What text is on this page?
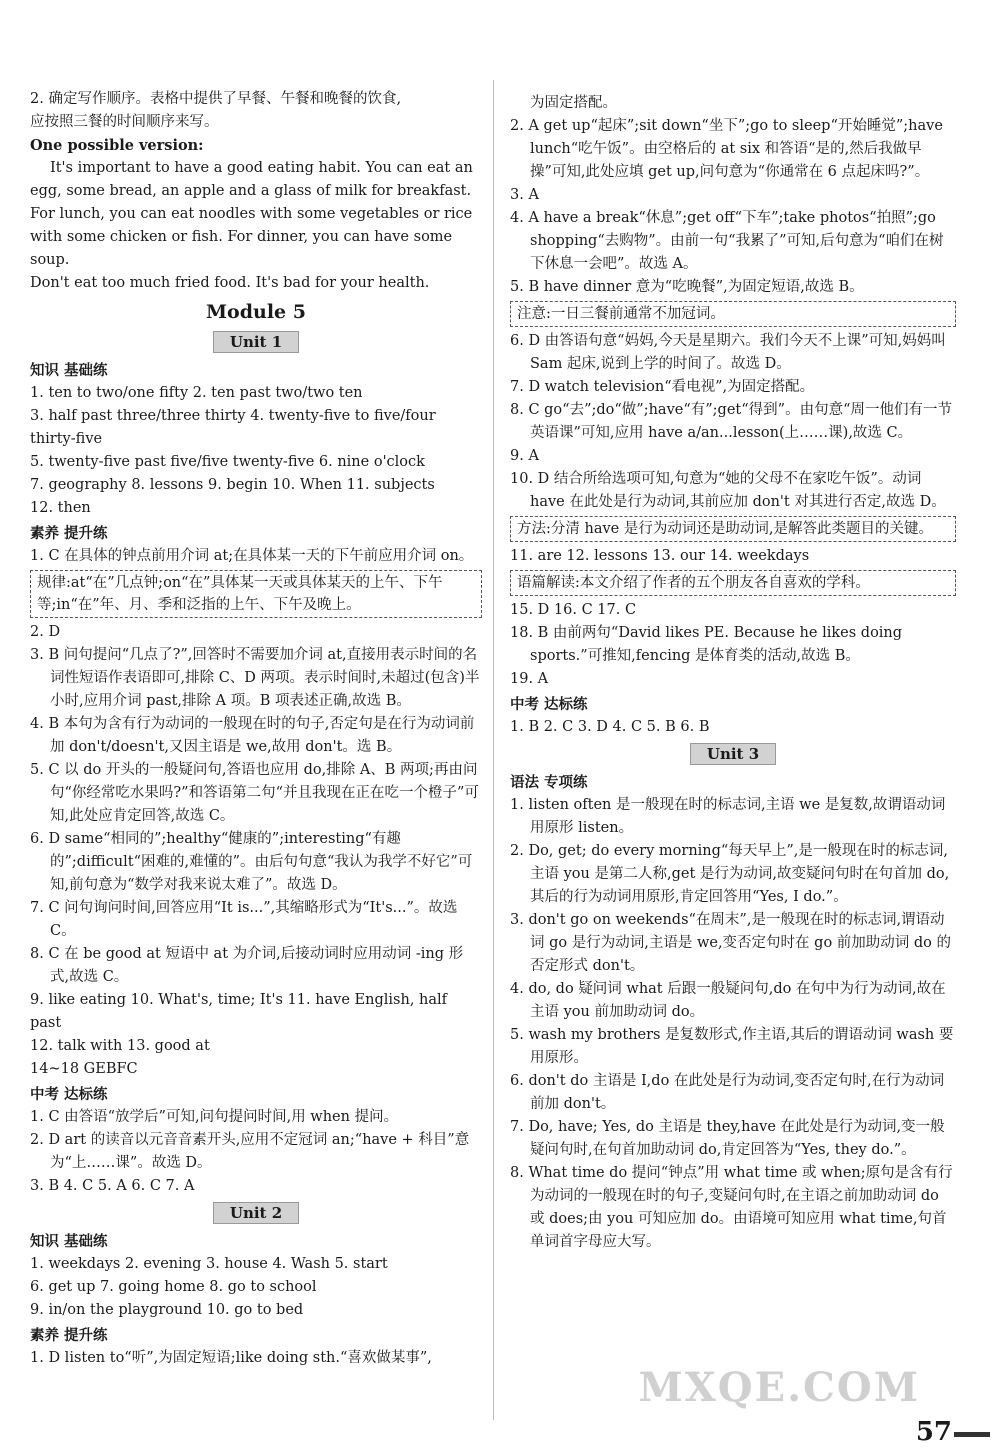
2. 确定写作顺序。表格中提供了早餐、午餐和晚餐的饮食,

应按照三餐的时间顺序来写。

One possible version:

It's important to have a good eating habit. You can eat an

egg, some bread, an apple and a glass of milk for breakfast.

For lunch, you can eat noodles with some vegetables or rice

with some chicken or fish. For dinner, you can have some soup.

Don't eat too much fried food. It's bad for your health.

Module 5
Unit 1
知识 基础练

1. ten to two/one fifty 2. ten past two/two ten

3. half past three/three thirty 4. twenty-five to five/four thirty-five

5. twenty-five past five/five twenty-five 6. nine o'clock

7. geography 8. lessons 9. begin 10. When 11. subjects

12. then

素养 提升练

1. C 在具体的钟点前用介词 at;在具体某一天的下午前应用介词 on。

规律:at“在”几点钟;on“在”具体某一天或具体某天的上午、下午等;in“在”年、月、季和泛指的上午、下午及晚上。

2. D

3. B 问句提问“几点了?”,回答时不需要加介词 at,直接用表示时间的名词性短语作表语即可,排除 C、D 两项。表示时间时,未超过(包含)半小时,应用介词 past,排除 A 项。B 项表述正确,故选 B。

4. B 本句为含有行为动词的一般现在时的句子,否定句是在行为动词前加 don't/doesn't,又因主语是 we,故用 don't。选 B。

5. C 以 do 开头的一般疑问句,答语也应用 do,排除 A、B 两项;再由问句“你经常吃水果吗?”和答语第二句“并且我现在正在吃一个橙子”可知,此处应肯定回答,故选 C。

6. D same“相同的”;healthy“健康的”;interesting“有趣的”;difficult“困难的,难懂的”。由后句句意“我认为我学不好它”可知,前句意为“数学对我来说太难了”。故选 D。

7. C 问句询问时间,回答应用“It is...”,其缩略形式为“It's...”。故选 C。

8. C 在 be good at 短语中 at 为介词,后接动词时应用动词 -ing 形式,故选 C。

9. like eating 10. What's, time; It's 11. have English, half past

12. talk with 13. good at

14~18 GEBFC

中考 达标练

1. C 由答语“放学后”可知,问句提问时间,用 when 提问。

2. D art 的读音以元音音素开头,应用不定冠词 an;“have + 科目”意为“上……课”。故选 D。

3. B 4. C 5. A 6. C 7. A

Unit 2
知识 基础练

1. weekdays 2. evening 3. house 4. Wash 5. start

6. get up 7. going home 8. go to school

9. in/on the playground 10. go to bed

素养 提升练

1. D listen to“听”,为固定短语;like doing sth.“喜欢做某事”,

为固定搭配。

2. A get up“起床”;sit down“坐下”;go to sleep“开始睡觉”;have lunch“吃午饭”。由空格后的 at six 和答语“是的,然后我做早操”可知,此处应填 get up,问句意为“你通常在 6 点起床吗?”。

3. A

4. A have a break“休息”;get off“下车”;take photos“拍照”;go shopping“去购物”。由前一句“我累了”可知,后句意为“咱们在树下休息一会吧”。故选 A。

5. B have dinner 意为“吃晚餐”,为固定短语,故选 B。

注意:一日三餐前通常不加冠词。

6. D 由答语句意“妈妈,今天是星期六。我们今天不上课”可知,妈妈叫 Sam 起床,说到上学的时间了。故选 D。

7. D watch television“看电视”,为固定搭配。

8. C go“去”;do“做”;have“有”;get“得到”。由句意“周一他们有一节英语课”可知,应用 have a/an...lesson(上……课),故选 C。

9. A

10. D 结合所给选项可知,句意为“她的父母不在家吃午饭”。动词 have 在此处是行为动词,其前应加 don't 对其进行否定,故选 D。

方法:分清 have 是行为动词还是助动词,是解答此类题目的关键。

11. are 12. lessons 13. our 14. weekdays

语篇解读:本文介绍了作者的五个朋友各自喜欢的学科。

15. D 16. C 17. C

18. B 由前两句“David likes PE. Because he likes doing sports.”可推知,fencing 是体育类的活动,故选 B。

19. A

中考 达标练

1. B 2. C 3. D 4. C 5. B 6. B

Unit 3
语法 专项练

1. listen often 是一般现在时的标志词,主语 we 是复数,故谓语动词用原形 listen。

2. Do, get; do every morning“每天早上”,是一般现在时的标志词,主语 you 是第二人称,get 是行为动词,故变疑问句时在句首加 do,其后的行为动词用原形,肯定回答用“Yes, I do.”。

3. don't go on weekends“在周末”,是一般现在时的标志词,谓语动词 go 是行为动词,主语是 we,变否定句时在 go 前加助动词 do 的否定形式 don't。

4. do, do 疑问词 what 后跟一般疑问句,do 在句中为行为动词,故在主语 you 前加助动词 do。

5. wash my brothers 是复数形式,作主语,其后的谓语动词 wash 要用原形。

6. don't do 主语是 I,do 在此处是行为动词,变否定句时,在行为动词前加 don't。

7. Do, have; Yes, do 主语是 they,have 在此处是行为动词,变一般疑问句时,在句首加助动词 do,肯定回答为“Yes, they do.”。

8. What time do 提问“钟点”用 what time 或 when;原句是含有行为动词的一般现在时的句子,变疑问句时,在主语之前加助动词 do 或 does;由 you 可知应加 do。由语境可知应用 what time,句首单词首字母应大写。

MXQE.COM
57
